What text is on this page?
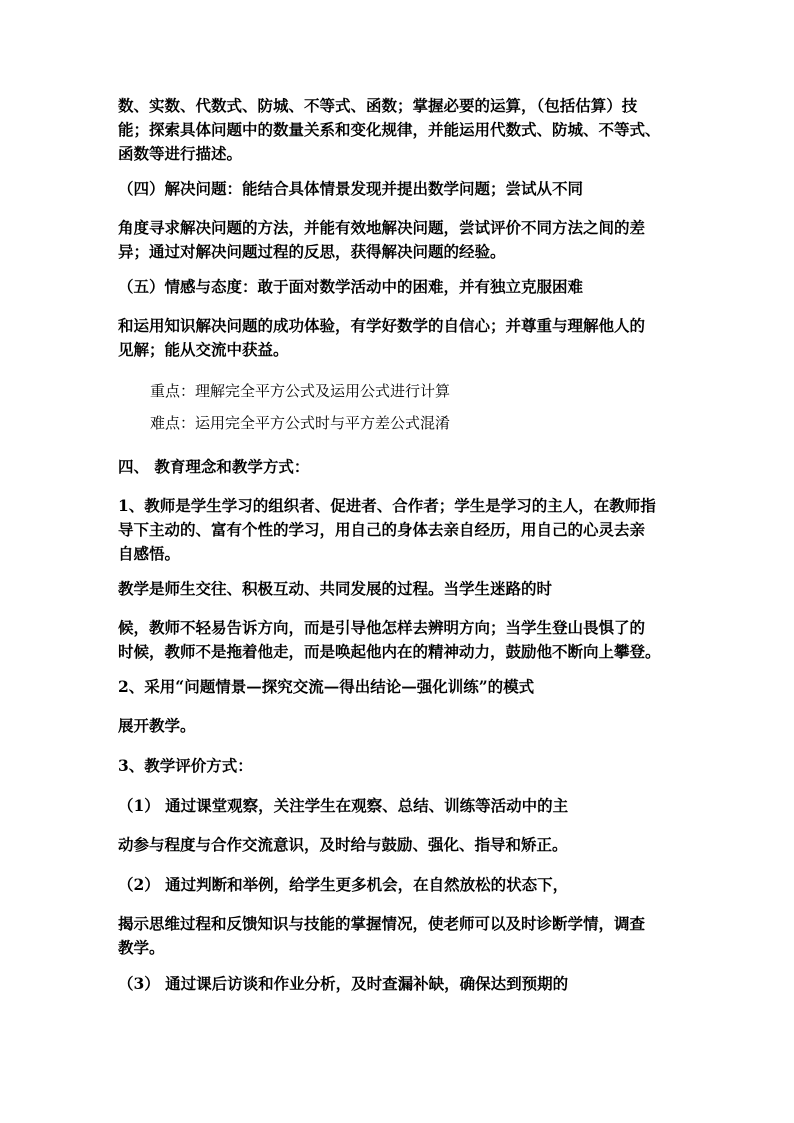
数、实数、代数式、防城、不等式、函数；掌握必要的运算，（包括估算）技
能；探索具体问题中的数量关系和变化规律，并能运用代数式、防城、不等式、
函数等进行描述。

（四）解决问题：能结合具体情景发现并提出数学问题；尝试从不同

角度寻求解决问题的方法，并能有效地解决问题，尝试评价不同方法之间的差
异；通过对解决问题过程的反思，获得解决问题的经验。

（五）情感与态度：敢于面对数学活动中的困难，并有独立克服困难

和运用知识解决问题的成功体验，有学好数学的自信心；并尊重与理解他人的
见解；能从交流中获益。

重点：理解完全平方公式及运用公式进行计算

难点：运用完全平方公式时与平方差公式混淆

四、 教育理念和教学方式：

1、教师是学生学习的组织者、促进者、合作者；学生是学习的主人，在教师指
导下主动的、富有个性的学习，用自己的身体去亲自经历，用自己的心灵去亲
自感悟。

教学是师生交往、积极互动、共同发展的过程。当学生迷路的时

候，教师不轻易告诉方向，而是引导他怎样去辨明方向；当学生登山畏惧了的
时候，教师不是拖着他走，而是唤起他内在的精神动力，鼓励他不断向上攀登。

2、采用“问题情景—探究交流—得出结论—强化训练”的模式

展开教学。

3、教学评价方式：

（1） 通过课堂观察，关注学生在观察、总结、训练等活动中的主

动参与程度与合作交流意识，及时给与鼓励、强化、指导和矫正。

（2） 通过判断和举例，给学生更多机会，在自然放松的状态下，

揭示思维过程和反馈知识与技能的掌握情况，使老师可以及时诊断学情，调查
教学。

（3） 通过课后访谈和作业分析，及时查漏补缺，确保达到预期的
